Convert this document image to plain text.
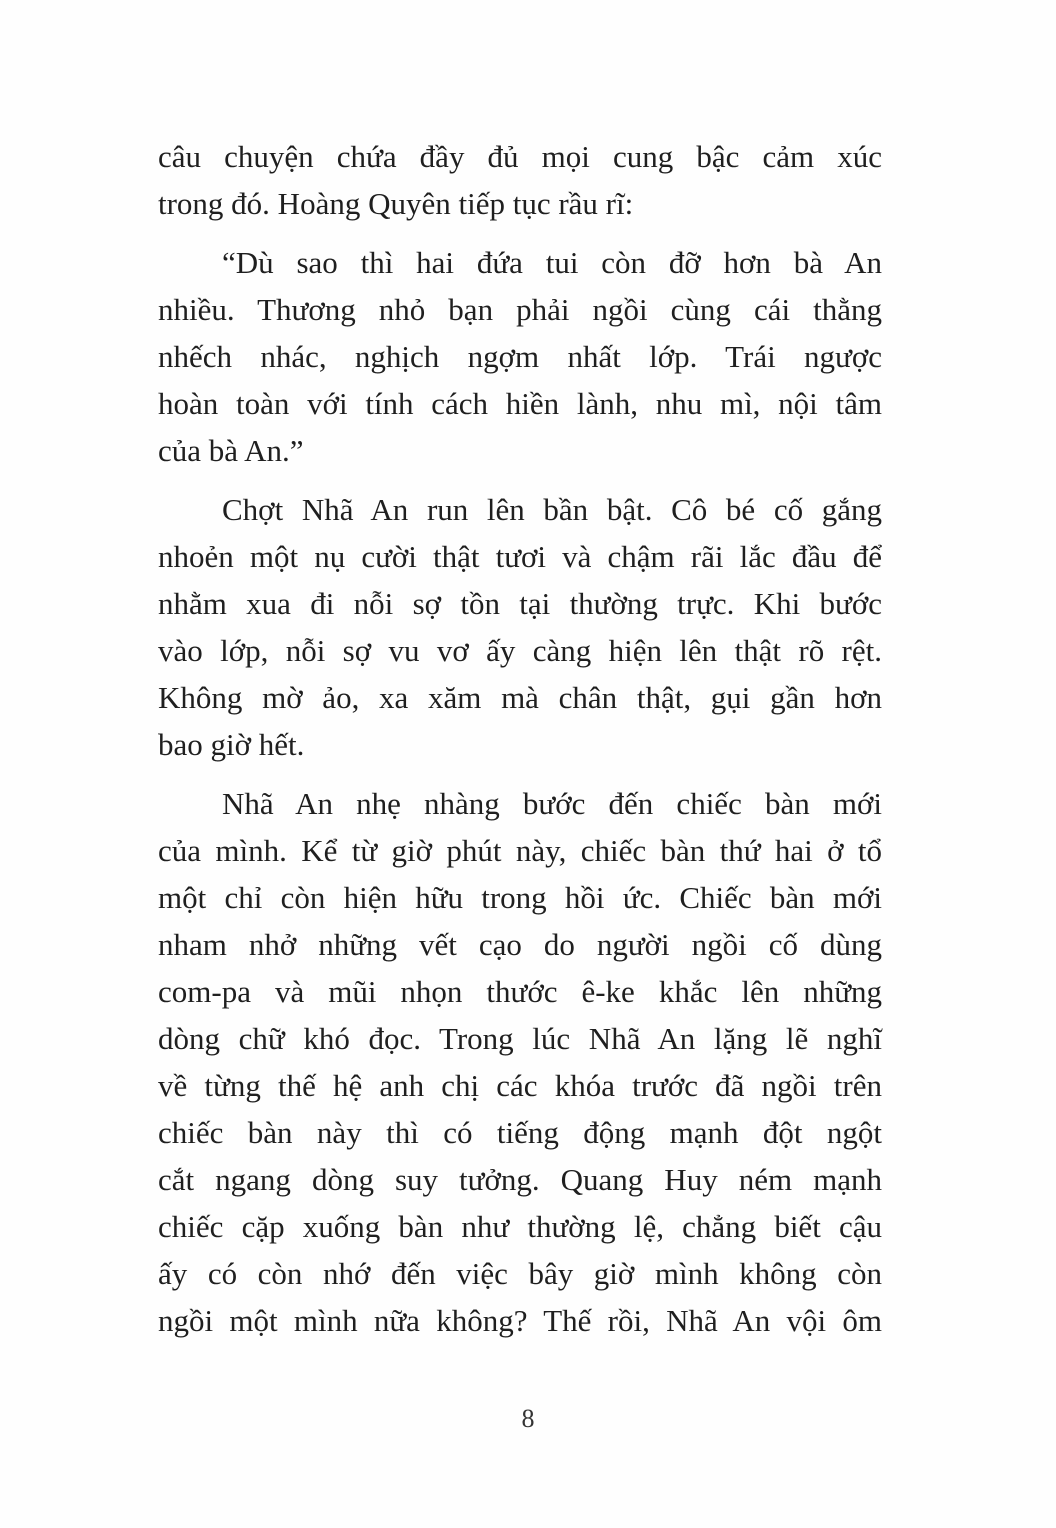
câu chuyện chứa đầy đủ mọi cung bậc cảm xúc
trong đó. Hoàng Quyên tiếp tục rầu rĩ:
“Dù sao thì hai đứa tui còn đỡ hơn bà An
nhiều. Thương nhỏ bạn phải ngồi cùng cái thằng
nhếch nhác, nghịch ngợm nhất lớp. Trái ngược
hoàn toàn với tính cách hiền lành, nhu mì, nội tâm
của bà An.”
Chợt Nhã An run lên bần bật. Cô bé cố gắng
nhoẻn một nụ cười thật tươi và chậm rãi lắc đầu để
nhằm xua đi nỗi sợ tồn tại thường trực. Khi bước
vào lớp, nỗi sợ vu vơ ấy càng hiện lên thật rõ rệt.
Không mờ ảo, xa xăm mà chân thật, gụi gần hơn
bao giờ hết.
Nhã An nhẹ nhàng bước đến chiếc bàn mới
của mình. Kể từ giờ phút này, chiếc bàn thứ hai ở tổ
một chỉ còn hiện hữu trong hồi ức. Chiếc bàn mới
nham nhở những vết cạo do người ngồi cố dùng
com-pa và mũi nhọn thước ê-ke khắc lên những
dòng chữ khó đọc. Trong lúc Nhã An lặng lẽ nghĩ
về từng thế hệ anh chị các khóa trước đã ngồi trên
chiếc bàn này thì có tiếng động mạnh đột ngột
cắt ngang dòng suy tưởng. Quang Huy ném mạnh
chiếc cặp xuống bàn như thường lệ, chẳng biết cậu
ấy có còn nhớ đến việc bây giờ mình không còn
ngồi một mình nữa không? Thế rồi, Nhã An vội ôm
8
